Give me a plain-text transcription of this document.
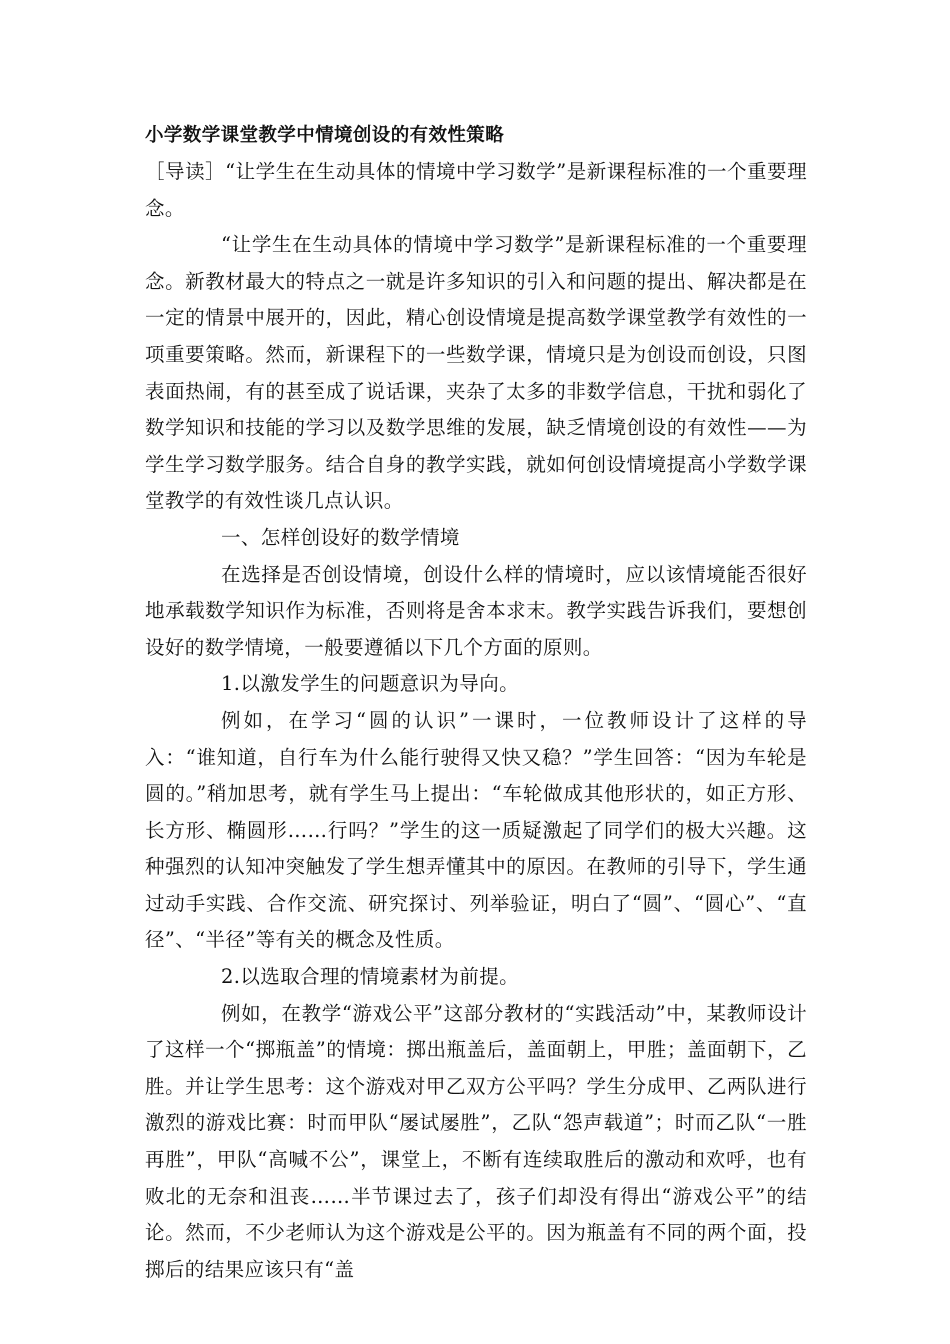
小学数学课堂教学中情境创设的有效性策略

［导读］“让学生在生动具体的情境中学习数学”是新课程标准的一个重要理念。

“让学生在生动具体的情境中学习数学”是新课程标准的一个重要理念。新教材最大的特点之一就是许多知识的引入和问题的提出、解决都是在一定的情景中展开的，因此，精心创设情境是提高数学课堂教学有效性的一项重要策略。然而，新课程下的一些数学课，情境只是为创设而创设，只图表面热闹，有的甚至成了说话课，夹杂了太多的非数学信息，干扰和弱化了数学知识和技能的学习以及数学思维的发展，缺乏情境创设的有效性——为学生学习数学服务。结合自身的教学实践，就如何创设情境提高小学数学课堂教学的有效性谈几点认识。

一、怎样创设好的数学情境

在选择是否创设情境，创设什么样的情境时，应以该情境能否很好地承载数学知识作为标准，否则将是舍本求末。教学实践告诉我们，要想创设好的数学情境，一般要遵循以下几个方面的原则。

1.以激发学生的问题意识为导向。

例如，在学习“圆的认识”一课时，一位教师设计了这样的导入：“谁知道，自行车为什么能行驶得又快又稳？”学生回答：“因为车轮是圆的。”稍加思考，就有学生马上提出：“车轮做成其他形状的，如正方形、长方形、椭圆形……行吗？”学生的这一质疑激起了同学们的极大兴趣。这种强烈的认知冲突触发了学生想弄懂其中的原因。在教师的引导下，学生通过动手实践、合作交流、研究探讨、列举验证，明白了“圆”、“圆心”、“直径”、“半径”等有关的概念及性质。

2.以选取合理的情境素材为前提。

例如，在教学“游戏公平”这部分教材的“实践活动”中，某教师设计了这样一个“掷瓶盖”的情境：掷出瓶盖后，盖面朝上，甲胜；盖面朝下，乙胜。并让学生思考：这个游戏对甲乙双方公平吗？学生分成甲、乙两队进行激烈的游戏比赛：时而甲队“屡试屡胜”，乙队“怨声载道”；时而乙队“一胜再胜”，甲队“高喊不公”，课堂上，不断有连续取胜后的激动和欢呼，也有败北的无奈和沮丧……半节课过去了，孩子们却没有得出“游戏公平”的结论。然而，不少老师认为这个游戏是公平的。因为瓶盖有不同的两个面，投掷后的结果应该只有“盖
